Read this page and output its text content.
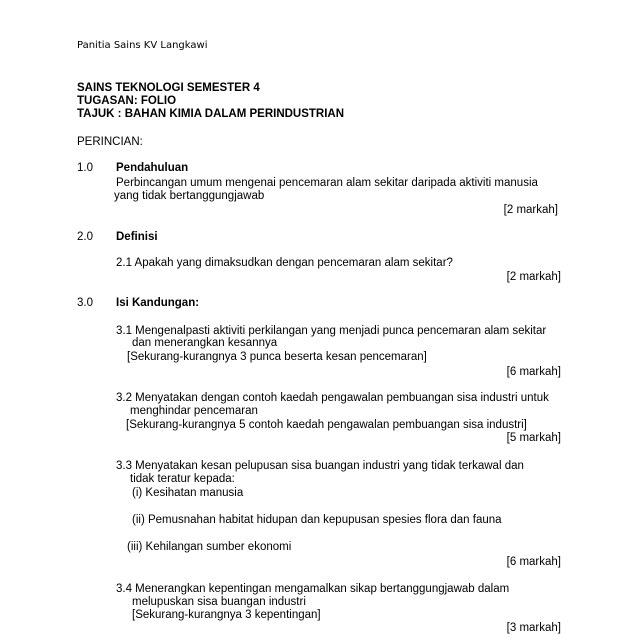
Panitia Sains KV Langkawi
SAINS TEKNOLOGI SEMESTER 4
TUGASAN: FOLIO
TAJUK : BAHAN KIMIA DALAM PERINDUSTRIAN
PERINCIAN:
1.0 Pendahuluan
Perbincangan umum mengenai pencemaran alam sekitar daripada aktiviti manusia
yang tidak bertanggungjawab
[2 markah]
2.0 Definisi
2.1 Apakah yang dimaksudkan dengan pencemaran alam sekitar?
[2 markah]
3.0 Isi Kandungan:
3.1 Mengenalpasti aktiviti perkilangan yang menjadi punca pencemaran alam sekitar
dan menerangkan kesannya
[Sekurang-kurangnya 3 punca beserta kesan pencemaran]
[6 markah]
3.2 Menyatakan dengan contoh kaedah pengawalan pembuangan sisa industri untuk
menghindar pencemaran
[Sekurang-kurangnya 5 contoh kaedah pengawalan pembuangan sisa industri]
[5 markah]
3.3 Menyatakan kesan pelupusan sisa buangan industri yang tidak terkawal dan
tidak teratur kepada:
(i) Kesihatan manusia
(ii) Pemusnahan habitat hidupan dan kepupusan spesies flora dan fauna
(iii) Kehilangan sumber ekonomi
[6 markah]
3.4 Menerangkan kepentingan mengamalkan sikap bertanggungjawab dalam
melupuskan sisa buangan industri
[Sekurang-kurangnya 3 kepentingan]
[3 markah]
